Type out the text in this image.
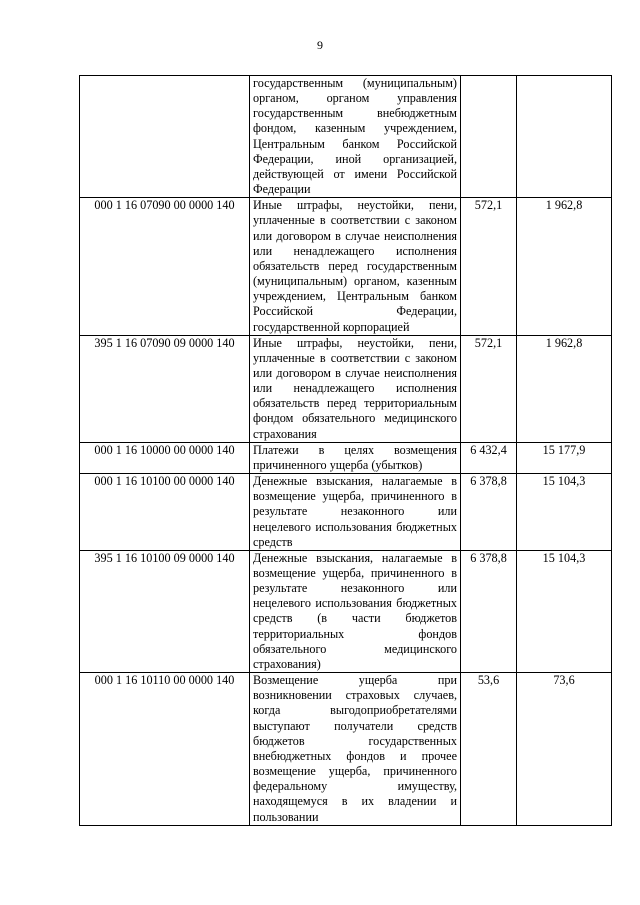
9
	государственным (муниципальным) органом, органом управления государственным внебюджетным фондом, казенным учреждением, Центральным банком Российской Федерации, иной организацией, действующей от имени Российской Федерации		
000 1 16 07090 00 0000 140	Иные штрафы, неустойки, пени, уплаченные в соответствии с законом или договором в случае неисполнения или ненадлежащего исполнения обязательств перед государственным (муниципальным) органом, казенным учреждением, Центральным банком Российской Федерации, государственной корпорацией	572,1	1 962,8
395 1 16 07090 09 0000 140	Иные штрафы, неустойки, пени, уплаченные в соответствии с законом или договором в случае неисполнения или ненадлежащего исполнения обязательств перед территориальным фондом обязательного медицинского страхования	572,1	1 962,8
000 1 16 10000 00 0000 140	Платежи в целях возмещения причиненного ущерба (убытков)	6 432,4	15 177,9
000 1 16 10100 00 0000 140	Денежные взыскания, налагаемые в возмещение ущерба, причиненного в результате незаконного или нецелевого использования бюджетных средств	6 378,8	15 104,3
395 1 16 10100 09 0000 140	Денежные взыскания, налагаемые в возмещение ущерба, причиненного в результате незаконного или нецелевого использования бюджетных средств (в части бюджетов территориальных фондов обязательного медицинского страхования)	6 378,8	15 104,3
000 1 16 10110 00 0000 140	Возмещение ущерба при возникновении страховых случаев, когда выгодоприобретателями выступают получатели средств бюджетов государственных внебюджетных фондов и прочее возмещение ущерба, причиненного федеральному имуществу, находящемуся в их владении и пользовании	53,6	73,6
